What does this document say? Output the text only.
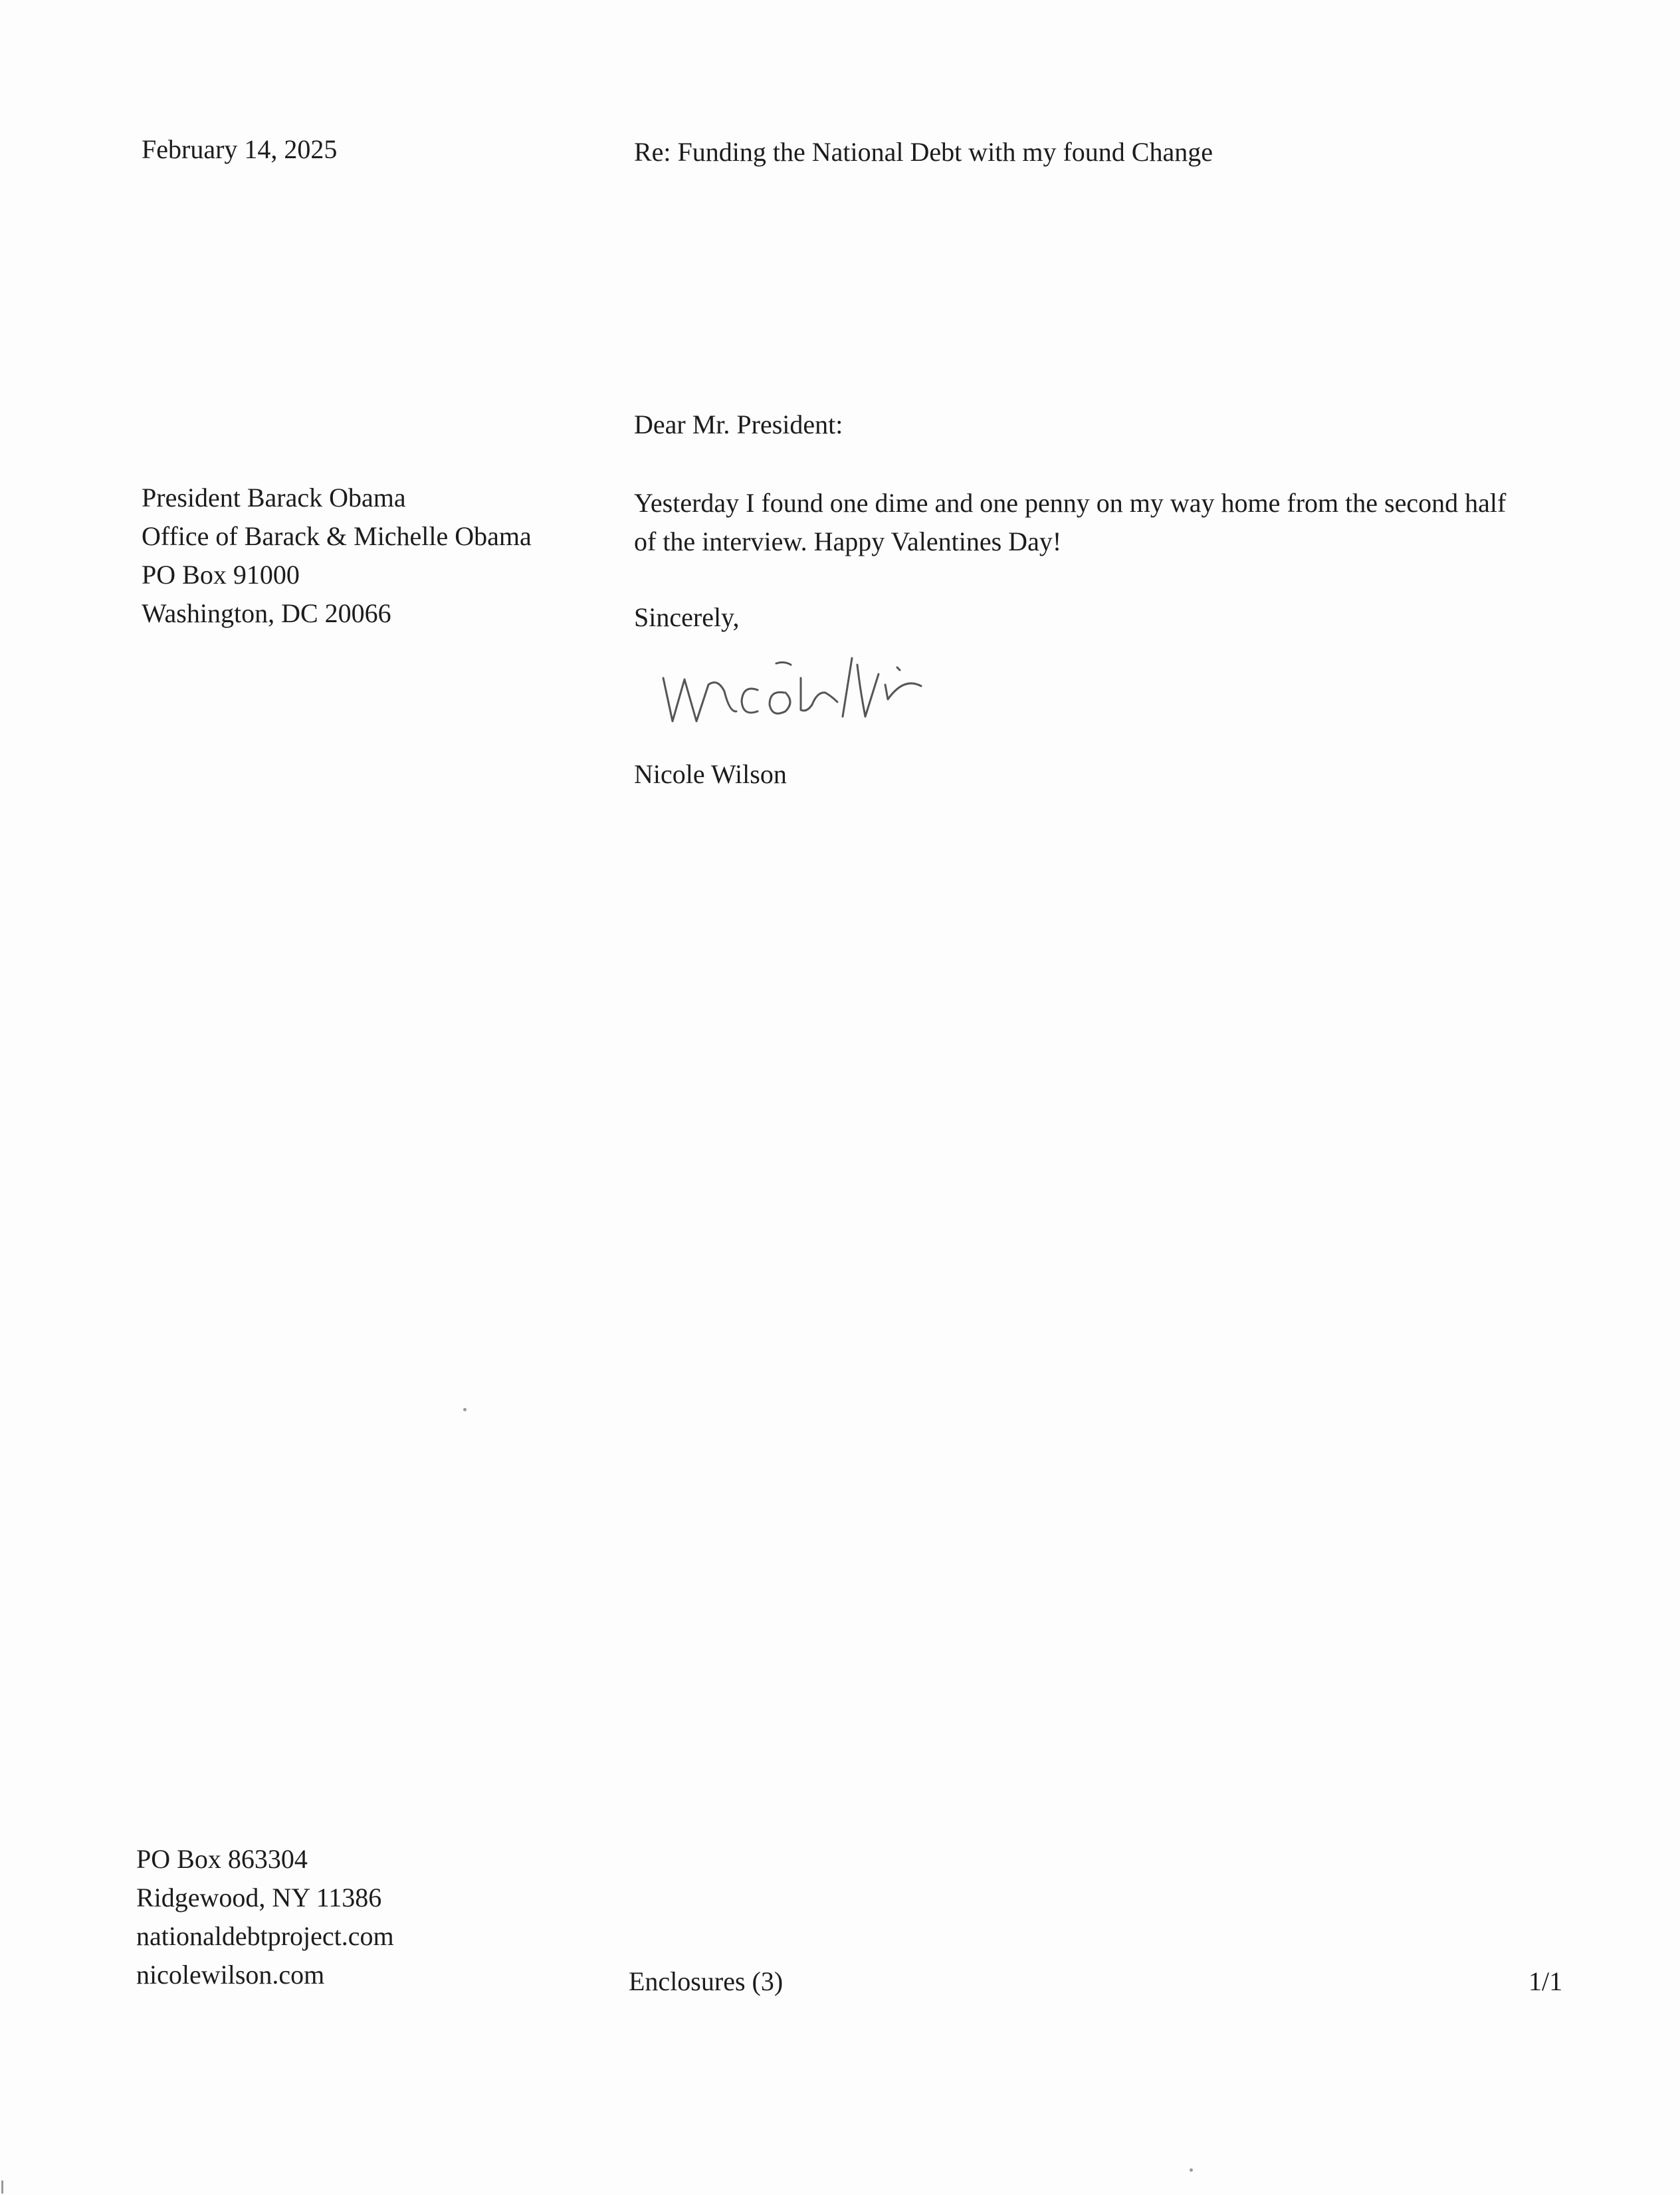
February 14, 2025	Re: Funding the National Debt with my found Change

President Barack Obama
Office of Barack & Michelle Obama
PO Box 91000
Washington, DC 20066

Dear Mr. President:

Yesterday I found one dime and one penny on my way home from the second half
of the interview. Happy Valentines Day!

Sincerely,

Nicole Wilson

PO Box 863304
Ridgewood, NY 11386
nationaldebtproject.com
nicolewilson.com	Enclosures (3)	1/1
